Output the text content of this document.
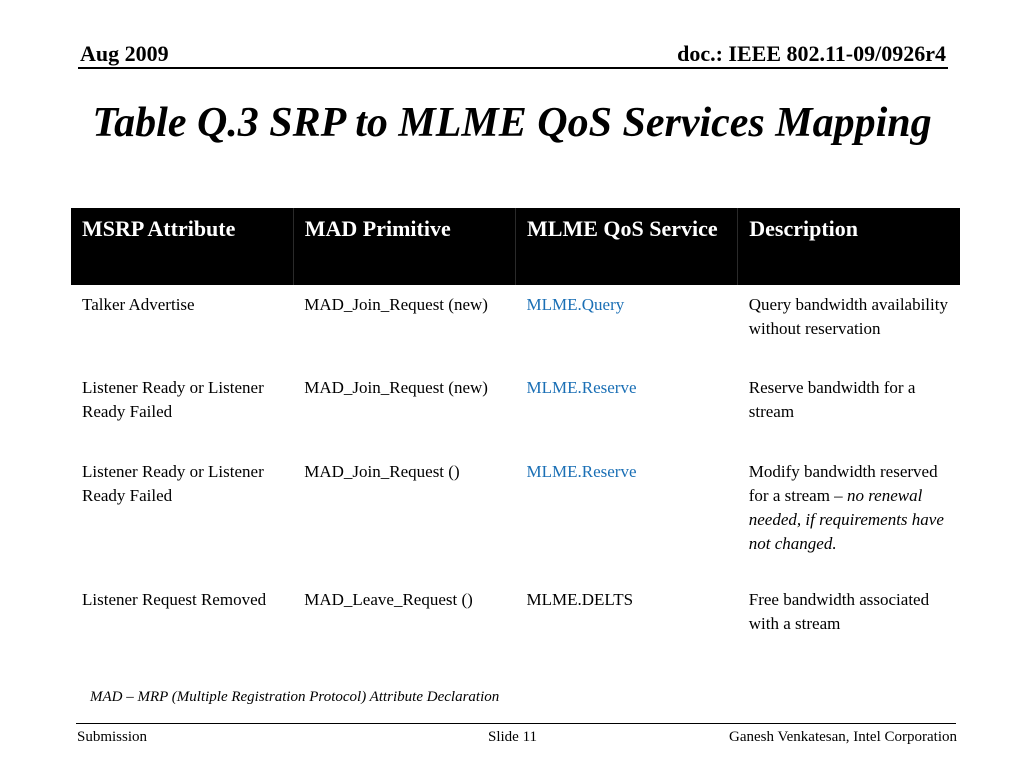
Aug 2009	doc.: IEEE 802.11-09/0926r4
Table Q.3 SRP to MLME QoS Services Mapping
MSRP Attribute	MAD Primitive	MLME QoS Service	Description
Talker Advertise	MAD_Join_Request (new)	MLME.Query	Query bandwidth availability without reservation
Listener Ready or Listener Ready Failed	MAD_Join_Request (new)	MLME.Reserve	Reserve bandwidth for a stream
Listener Ready or Listener Ready Failed	MAD_Join_Request ()	MLME.Reserve	Modify bandwidth reserved for a stream – no renewal needed, if requirements have not changed.
Listener Request Removed	MAD_Leave_Request ()	MLME.DELTS	Free bandwidth associated with a stream
MAD – MRP (Multiple Registration Protocol) Attribute Declaration
Submission	Slide 11	Ganesh Venkatesan, Intel Corporation
